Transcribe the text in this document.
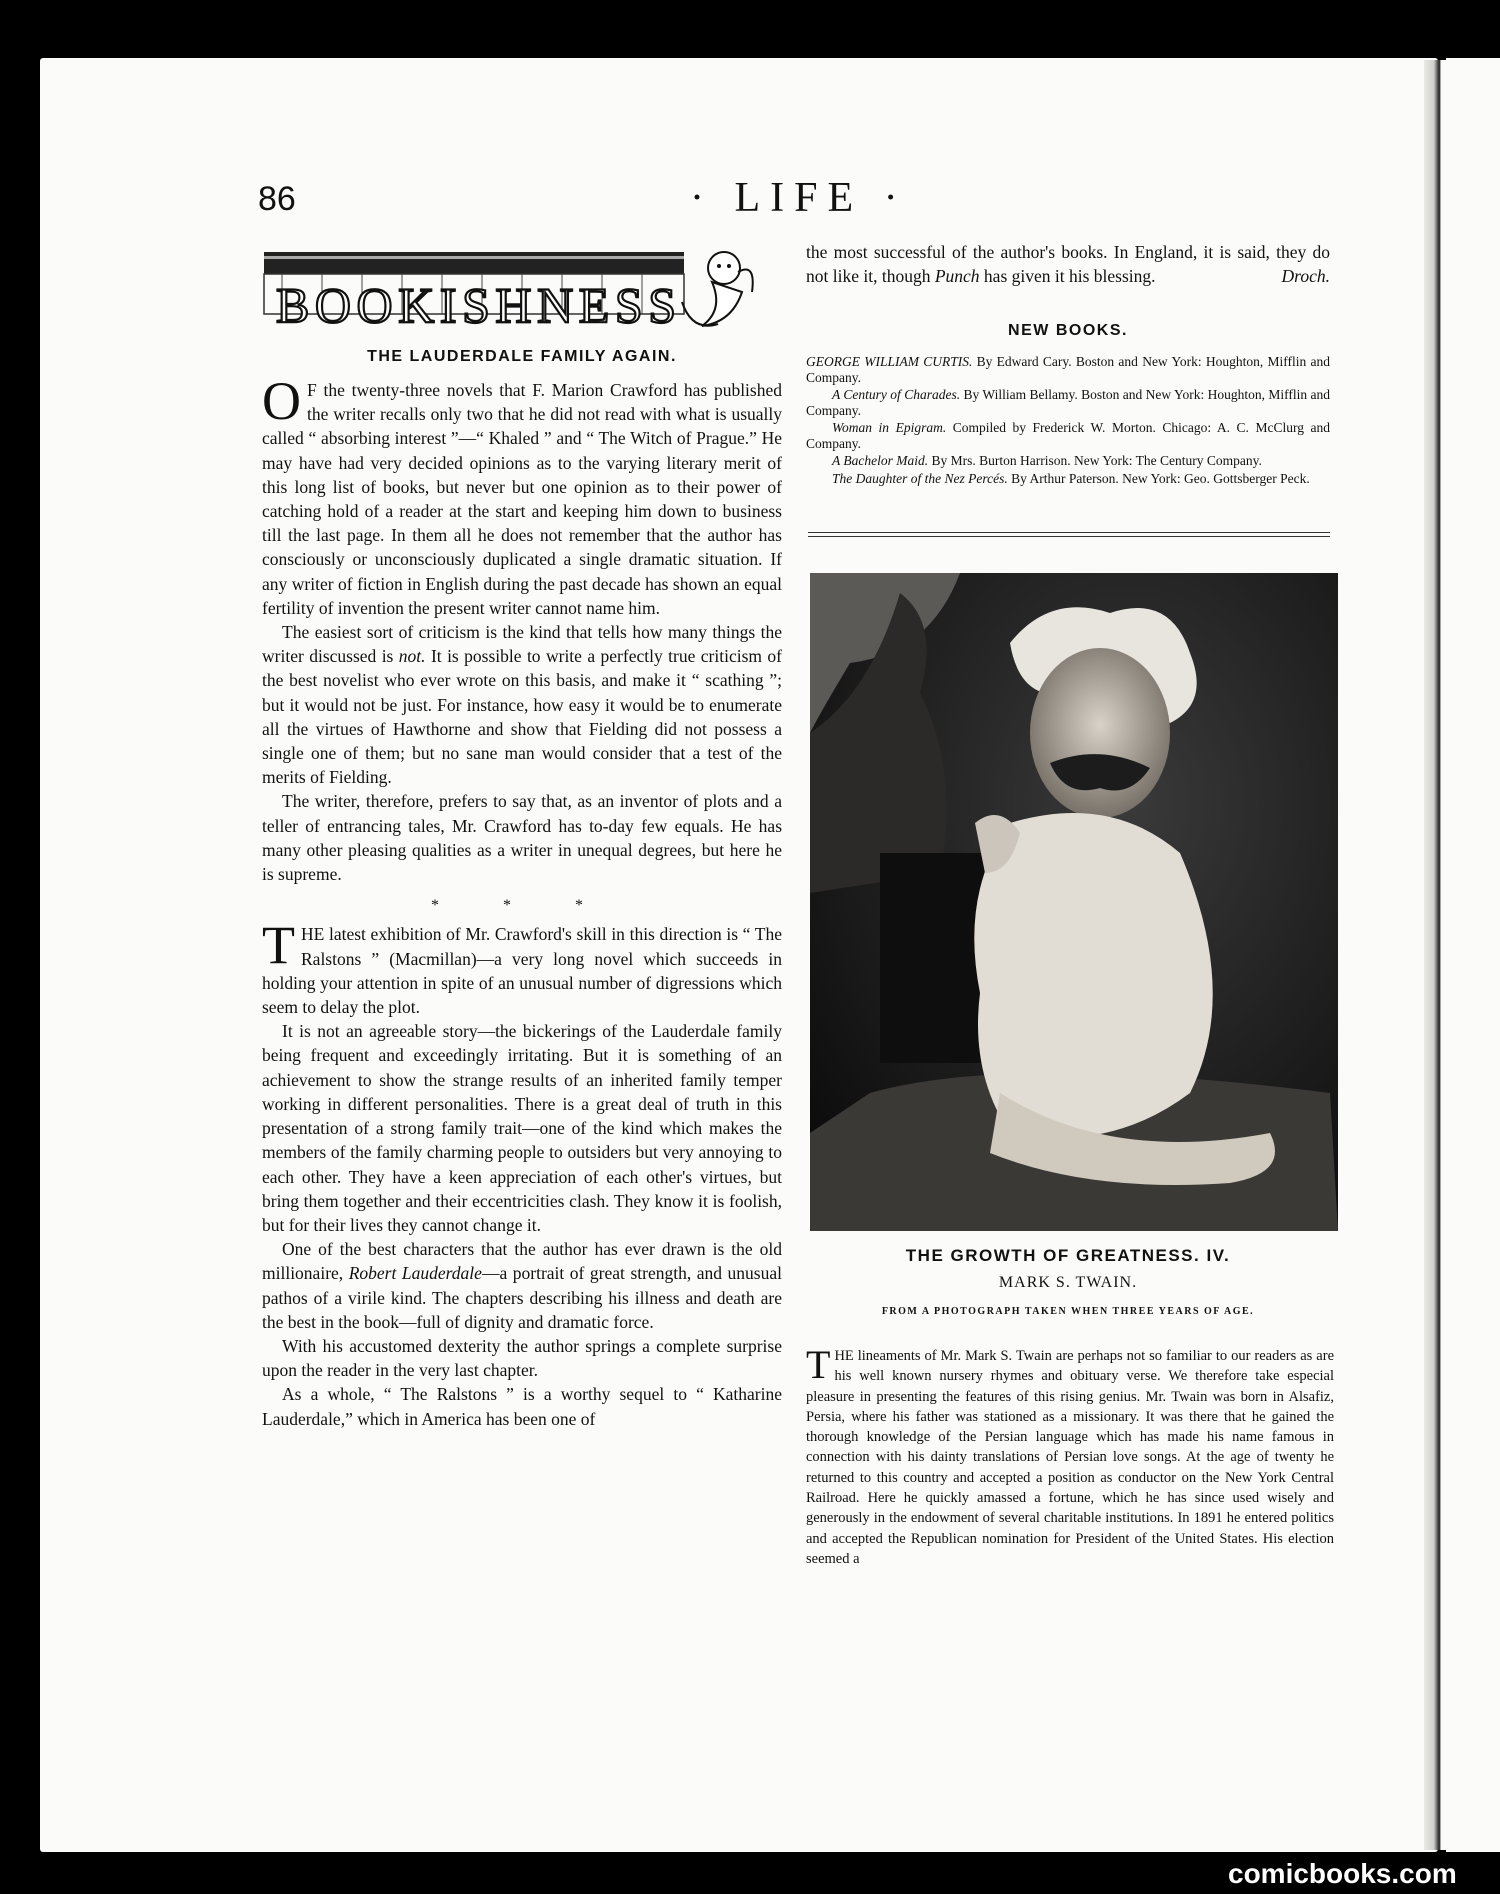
86	· LIFE ·
BOOKISHNESS
THE LAUDERDALE FAMILY AGAIN.

O F the twenty-three novels that F. Marion Crawford has published the writer recalls only two that he did not read with what is usually called “ absorbing interest ”—“ Khaled ” and “ The Witch of Prague.” He may have had very decided opinions as to the varying literary merit of this long list of books, but never but one opinion as to their power of catching hold of a reader at the start and keeping him down to business till the last page. In them all he does not remember that the author has consciously or unconsciously duplicated a single dramatic situation. If any writer of fiction in English during the past decade has shown an equal fertility of invention the present writer cannot name him.

The easiest sort of criticism is the kind that tells how many things the writer discussed is not. It is possible to write a perfectly true criticism of the best novelist who ever wrote on this basis, and make it “ scathing ”; but it would not be just. For instance, how easy it would be to enumerate all the virtues of Hawthorne and show that Fielding did not possess a single one of them; but no sane man would consider that a test of the merits of Fielding.

The writer, therefore, prefers to say that, as an inventor of plots and a teller of entrancing tales, Mr. Crawford has to-day few equals. He has many other pleasing qualities as a writer in unequal degrees, but here he is supreme.

* * *

THE latest exhibition of Mr. Crawford's skill in this direction is “ The Ralstons ” (Macmillan)—a very long novel which succeeds in holding your attention in spite of an unusual number of digressions which seem to delay the plot.

It is not an agreeable story—the bickerings of the Lauderdale family being frequent and exceedingly irritating. But it is something of an achievement to show the strange results of an inherited family temper working in different personalities. There is a great deal of truth in this presentation of a strong family trait—one of the kind which makes the members of the family charming people to outsiders but very annoying to each other. They have a keen appreciation of each other's virtues, but bring them together and their eccentricities clash. They know it is foolish, but for their lives they cannot change it.

One of the best characters that the author has ever drawn is the old millionaire, Robert Lauderdale—a portrait of great strength, and unusual pathos of a virile kind. The chapters describing his illness and death are the best in the book—full of dignity and dramatic force.

With his accustomed dexterity the author springs a complete surprise upon the reader in the very last chapter.

As a whole, “ The Ralstons ” is a worthy sequel to “ Katharine Lauderdale,” which in America has been one of

the most successful of the author's books. In England, it is said, they do not like it, though Punch has given it his blessing.	Droch.

NEW BOOKS.

GEORGE WILLIAM CURTIS. By Edward Cary. Boston and New York: Houghton, Mifflin and Company.

A Century of Charades. By William Bellamy. Boston and New York: Houghton, Mifflin and Company.

Woman in Epigram. Compiled by Frederick W. Morton. Chicago: A. C. McClurg and Company.

A Bachelor Maid. By Mrs. Burton Harrison. New York: The Century Company.

The Daughter of the Nez Percés. By Arthur Paterson. New York: Geo. Gottsberger Peck.

THE GROWTH OF GREATNESS. IV.
MARK S. TWAIN.
FROM A PHOTOGRAPH TAKEN WHEN THREE YEARS OF AGE.

THE lineaments of Mr. Mark S. Twain are perhaps not so familiar to our readers as are his well known nursery rhymes and obituary verse. We therefore take especial pleasure in presenting the features of this rising genius. Mr. Twain was born in Alsafiz, Persia, where his father was stationed as a missionary. It was there that he gained the thorough knowledge of the Persian language which has made his name famous in connection with his dainty translations of Persian love songs. At the age of twenty he returned to this country and accepted a position as conductor on the New York Central Railroad. Here he quickly amassed a fortune, which he has since used wisely and generously in the endowment of several charitable institutions. In 1891 he entered politics and accepted the Republican nomination for President of the United States. His election seemed a

comicbooks.com
